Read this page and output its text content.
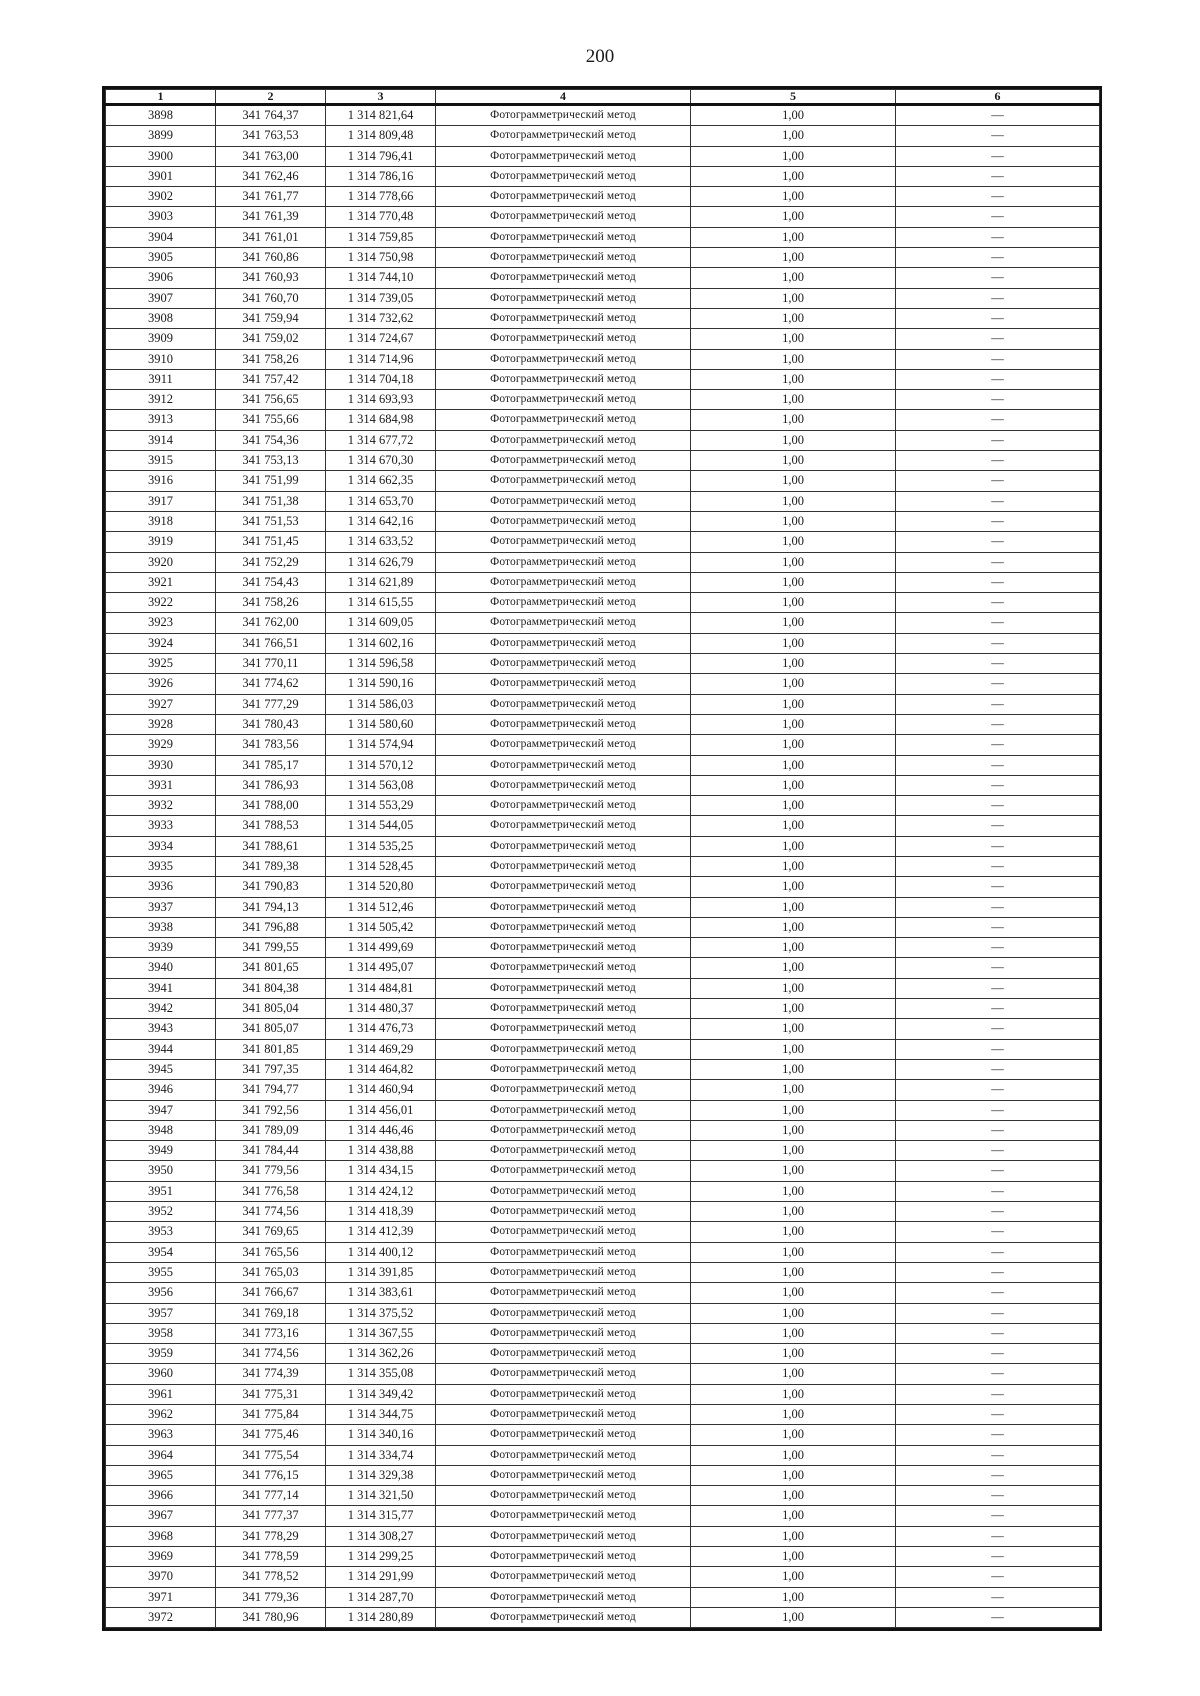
200
1	2	3	4	5	6
3898	341 764,37	1 314 821,64	Фотограмметрический метод	1,00	—
3899	341 763,53	1 314 809,48	Фотограмметрический метод	1,00	—
3900	341 763,00	1 314 796,41	Фотограмметрический метод	1,00	—
3901	341 762,46	1 314 786,16	Фотограмметрический метод	1,00	—
3902	341 761,77	1 314 778,66	Фотограмметрический метод	1,00	—
3903	341 761,39	1 314 770,48	Фотограмметрический метод	1,00	—
3904	341 761,01	1 314 759,85	Фотограмметрический метод	1,00	—
3905	341 760,86	1 314 750,98	Фотограмметрический метод	1,00	—
3906	341 760,93	1 314 744,10	Фотограмметрический метод	1,00	—
3907	341 760,70	1 314 739,05	Фотограмметрический метод	1,00	—
3908	341 759,94	1 314 732,62	Фотограмметрический метод	1,00	—
3909	341 759,02	1 314 724,67	Фотограмметрический метод	1,00	—
3910	341 758,26	1 314 714,96	Фотограмметрический метод	1,00	—
3911	341 757,42	1 314 704,18	Фотограмметрический метод	1,00	—
3912	341 756,65	1 314 693,93	Фотограмметрический метод	1,00	—
3913	341 755,66	1 314 684,98	Фотограмметрический метод	1,00	—
3914	341 754,36	1 314 677,72	Фотограмметрический метод	1,00	—
3915	341 753,13	1 314 670,30	Фотограмметрический метод	1,00	—
3916	341 751,99	1 314 662,35	Фотограмметрический метод	1,00	—
3917	341 751,38	1 314 653,70	Фотограмметрический метод	1,00	—
3918	341 751,53	1 314 642,16	Фотограмметрический метод	1,00	—
3919	341 751,45	1 314 633,52	Фотограмметрический метод	1,00	—
3920	341 752,29	1 314 626,79	Фотограмметрический метод	1,00	—
3921	341 754,43	1 314 621,89	Фотограмметрический метод	1,00	—
3922	341 758,26	1 314 615,55	Фотограмметрический метод	1,00	—
3923	341 762,00	1 314 609,05	Фотограмметрический метод	1,00	—
3924	341 766,51	1 314 602,16	Фотограмметрический метод	1,00	—
3925	341 770,11	1 314 596,58	Фотограмметрический метод	1,00	—
3926	341 774,62	1 314 590,16	Фотограмметрический метод	1,00	—
3927	341 777,29	1 314 586,03	Фотограмметрический метод	1,00	—
3928	341 780,43	1 314 580,60	Фотограмметрический метод	1,00	—
3929	341 783,56	1 314 574,94	Фотограмметрический метод	1,00	—
3930	341 785,17	1 314 570,12	Фотограмметрический метод	1,00	—
3931	341 786,93	1 314 563,08	Фотограмметрический метод	1,00	—
3932	341 788,00	1 314 553,29	Фотограмметрический метод	1,00	—
3933	341 788,53	1 314 544,05	Фотограмметрический метод	1,00	—
3934	341 788,61	1 314 535,25	Фотограмметрический метод	1,00	—
3935	341 789,38	1 314 528,45	Фотограмметрический метод	1,00	—
3936	341 790,83	1 314 520,80	Фотограмметрический метод	1,00	—
3937	341 794,13	1 314 512,46	Фотограмметрический метод	1,00	—
3938	341 796,88	1 314 505,42	Фотограмметрический метод	1,00	—
3939	341 799,55	1 314 499,69	Фотограмметрический метод	1,00	—
3940	341 801,65	1 314 495,07	Фотограмметрический метод	1,00	—
3941	341 804,38	1 314 484,81	Фотограмметрический метод	1,00	—
3942	341 805,04	1 314 480,37	Фотограмметрический метод	1,00	—
3943	341 805,07	1 314 476,73	Фотограмметрический метод	1,00	—
3944	341 801,85	1 314 469,29	Фотограмметрический метод	1,00	—
3945	341 797,35	1 314 464,82	Фотограмметрический метод	1,00	—
3946	341 794,77	1 314 460,94	Фотограмметрический метод	1,00	—
3947	341 792,56	1 314 456,01	Фотограмметрический метод	1,00	—
3948	341 789,09	1 314 446,46	Фотограмметрический метод	1,00	—
3949	341 784,44	1 314 438,88	Фотограмметрический метод	1,00	—
3950	341 779,56	1 314 434,15	Фотограмметрический метод	1,00	—
3951	341 776,58	1 314 424,12	Фотограмметрический метод	1,00	—
3952	341 774,56	1 314 418,39	Фотограмметрический метод	1,00	—
3953	341 769,65	1 314 412,39	Фотограмметрический метод	1,00	—
3954	341 765,56	1 314 400,12	Фотограмметрический метод	1,00	—
3955	341 765,03	1 314 391,85	Фотограмметрический метод	1,00	—
3956	341 766,67	1 314 383,61	Фотограмметрический метод	1,00	—
3957	341 769,18	1 314 375,52	Фотограмметрический метод	1,00	—
3958	341 773,16	1 314 367,55	Фотограмметрический метод	1,00	—
3959	341 774,56	1 314 362,26	Фотограмметрический метод	1,00	—
3960	341 774,39	1 314 355,08	Фотограмметрический метод	1,00	—
3961	341 775,31	1 314 349,42	Фотограмметрический метод	1,00	—
3962	341 775,84	1 314 344,75	Фотограмметрический метод	1,00	—
3963	341 775,46	1 314 340,16	Фотограмметрический метод	1,00	—
3964	341 775,54	1 314 334,74	Фотограмметрический метод	1,00	—
3965	341 776,15	1 314 329,38	Фотограмметрический метод	1,00	—
3966	341 777,14	1 314 321,50	Фотограмметрический метод	1,00	—
3967	341 777,37	1 314 315,77	Фотограмметрический метод	1,00	—
3968	341 778,29	1 314 308,27	Фотограмметрический метод	1,00	—
3969	341 778,59	1 314 299,25	Фотограмметрический метод	1,00	—
3970	341 778,52	1 314 291,99	Фотограмметрический метод	1,00	—
3971	341 779,36	1 314 287,70	Фотограмметрический метод	1,00	—
3972	341 780,96	1 314 280,89	Фотограмметрический метод	1,00	—
